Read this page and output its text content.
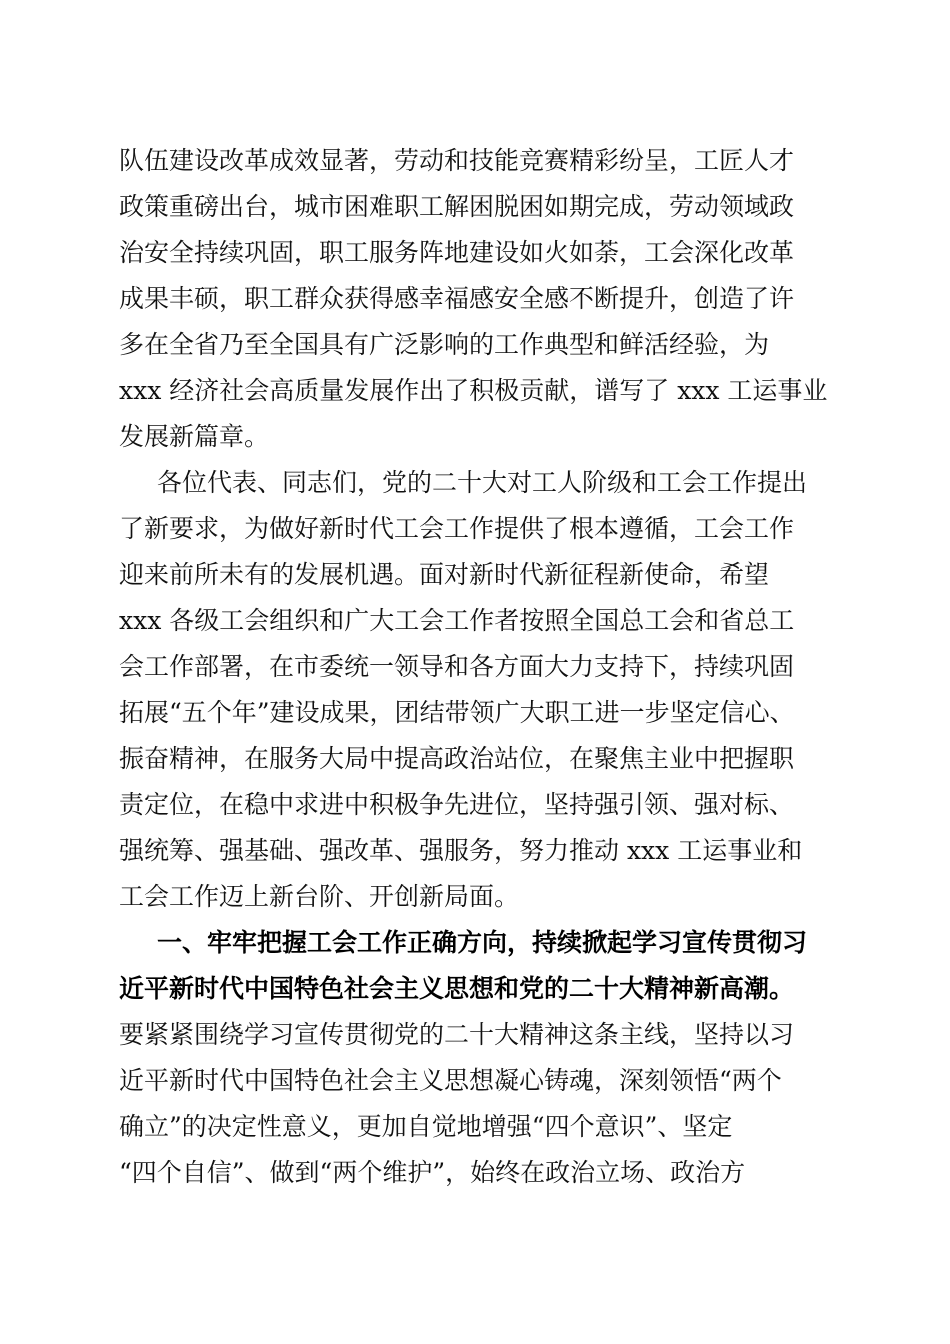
队伍建设改革成效显著，劳动和技能竞赛精彩纷呈，工匠人才
政策重磅出台，城市困难职工解困脱困如期完成，劳动领域政
治安全持续巩固，职工服务阵地建设如火如荼，工会深化改革
成果丰硕，职工群众获得感幸福感安全感不断提升，创造了许
多在全省乃至全国具有广泛影响的工作典型和鲜活经验，为
xxx 经济社会高质量发展作出了积极贡献，谱写了 xxx 工运事业
发展新篇章。
各位代表、同志们，党的二十大对工人阶级和工会工作提出
了新要求，为做好新时代工会工作提供了根本遵循，工会工作
迎来前所未有的发展机遇。面对新时代新征程新使命，希望
xxx 各级工会组织和广大工会工作者按照全国总工会和省总工
会工作部署，在市委统一领导和各方面大力支持下，持续巩固
拓展“五个年”建设成果，团结带领广大职工进一步坚定信心、
振奋精神，在服务大局中提高政治站位，在聚焦主业中把握职
责定位，在稳中求进中积极争先进位，坚持强引领、强对标、
强统筹、强基础、强改革、强服务，努力推动 xxx 工运事业和
工会工作迈上新台阶、开创新局面。
一、牢牢把握工会工作正确方向，持续掀起学习宣传贯彻习
近平新时代中国特色社会主义思想和党的二十大精神新高潮。
要紧紧围绕学习宣传贯彻党的二十大精神这条主线，坚持以习
近平新时代中国特色社会主义思想凝心铸魂，深刻领悟“两个
确立”的决定性意义，更加自觉地增强“四个意识”、坚定
“四个自信”、做到“两个维护”，始终在政治立场、政治方
